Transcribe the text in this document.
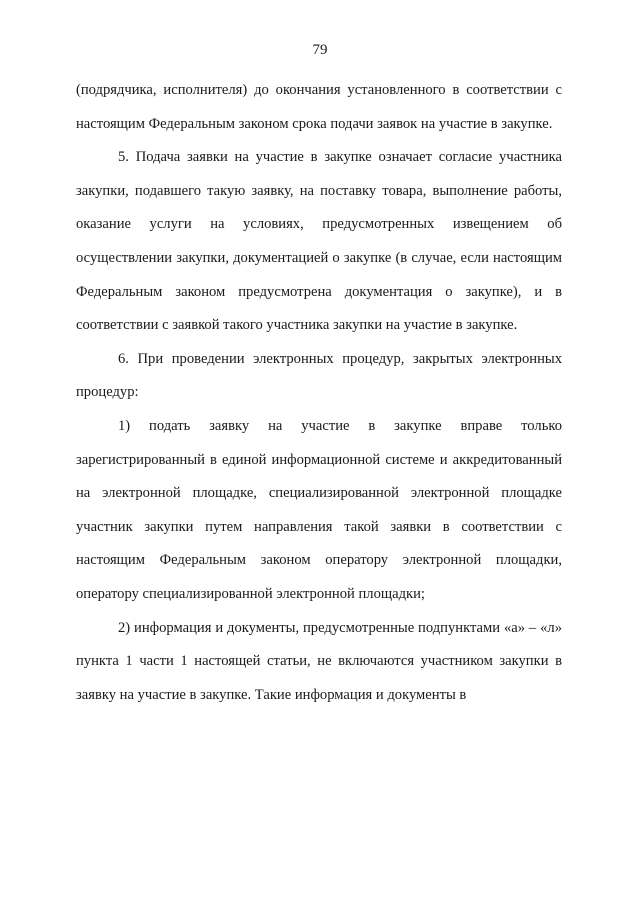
79

(подрядчика, исполнителя) до окончания установленного в соответствии с настоящим Федеральным законом срока подачи заявок на участие в закупке.

5. Подача заявки на участие в закупке означает согласие участника закупки, подавшего такую заявку, на поставку товара, выполнение работы, оказание услуги на условиях, предусмотренных извещением об осуществлении закупки, документацией о закупке (в случае, если настоящим Федеральным законом предусмотрена документация о закупке), и в соответствии с заявкой такого участника закупки на участие в закупке.

6. При проведении электронных процедур, закрытых электронных процедур:

1) подать заявку на участие в закупке вправе только зарегистрированный в единой информационной системе и аккредитованный на электронной площадке, специализированной электронной площадке участник закупки путем направления такой заявки в соответствии с настоящим Федеральным законом оператору электронной площадки, оператору специализированной электронной площадки;

2) информация и документы, предусмотренные подпунктами «а» – «л» пункта 1 части 1 настоящей статьи, не включаются участником закупки в заявку на участие в закупке. Такие информация и документы в
